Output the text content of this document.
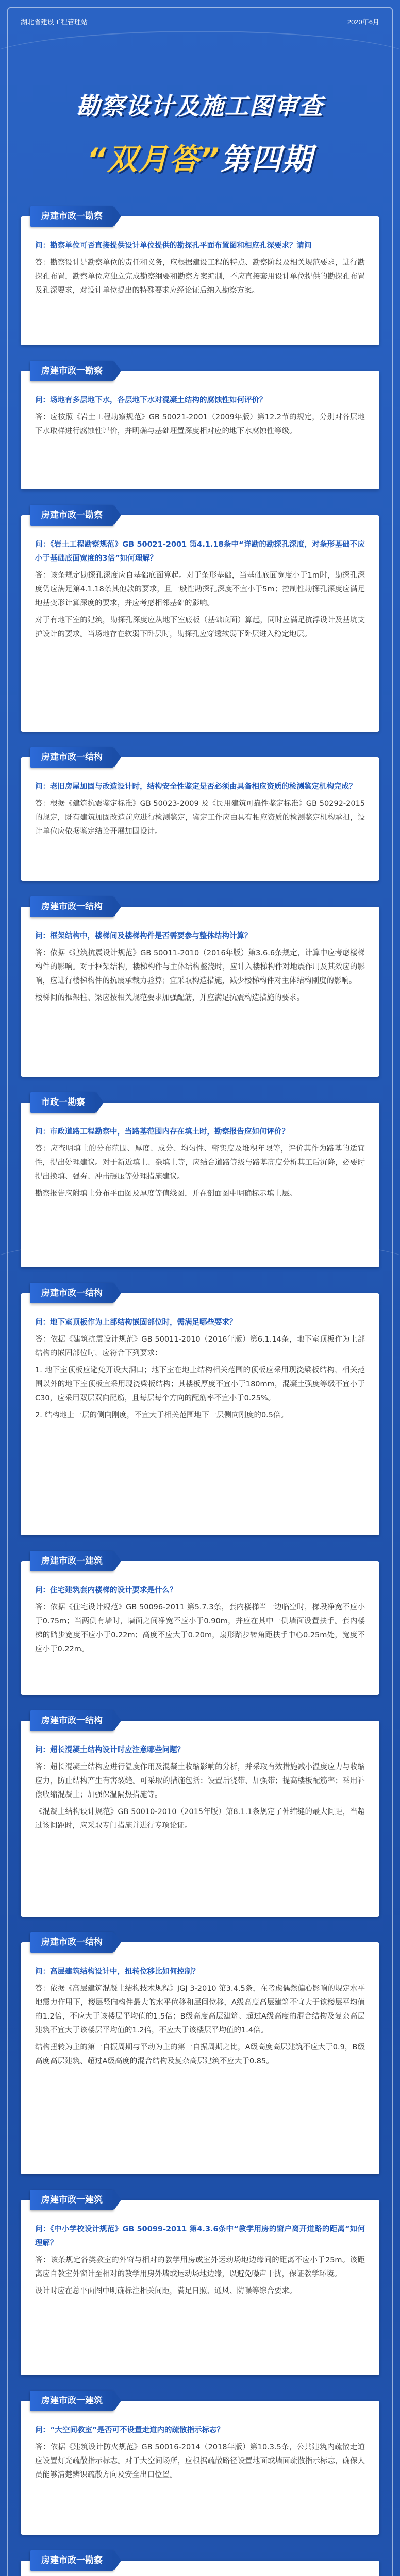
湖北省建设工程管理站	2020年6月
勘察设计及施工图审查
“双月答”第四期
房建市政一勘察

问：勘察单位可否直接提供设计单位提供的勘探孔平面布置图和相应孔深要求？请问

答：勘察设计是勘察单位的责任和义务，应根据建设工程的特点、勘察阶段及相关规范要求，进行勘探孔布置，勘察单位应独立完成勘察纲要和勘察方案编制，不应直接套用设计单位提供的勘探孔布置及孔深要求，对设计单位提出的特殊要求应经论证后纳入勘察方案。

房建市政一勘察

问：场地有多层地下水，各层地下水对混凝土结构的腐蚀性如何评价？

答：应按照《岩土工程勘察规范》GB 50021-2001（2009年版）第12.2节的规定，分别对各层地下水取样进行腐蚀性评价，并明确与基础埋置深度相对应的地下水腐蚀性等级。

房建市政一勘察

问：《岩土工程勘察规范》GB 50021-2001 第4.1.18条中“详勘的勘探孔深度，对条形基础不应小于基础底面宽度的3倍”如何理解？

答：该条规定勘探孔深度应自基础底面算起。对于条形基础，当基础底面宽度小于1m时，勘探孔深度仍应满足第4.1.18条其他款的要求，且一般性勘探孔深度不宜小于5m；控制性勘探孔深度应满足地基变形计算深度的要求，并应考虑相邻基础的影响。

对于有地下室的建筑，勘探孔深度应从地下室底板（基础底面）算起，同时应满足抗浮设计及基坑支护设计的要求。当场地存在软弱下卧层时，勘探孔应穿透软弱下卧层进入稳定地层。

房建市政一结构

问：老旧房屋加固与改造设计时，结构安全性鉴定是否必须由具备相应资质的检测鉴定机构完成？

答：根据《建筑抗震鉴定标准》GB 50023-2009 及《民用建筑可靠性鉴定标准》GB 50292-2015 的规定，既有建筑加固改造前应进行检测鉴定，鉴定工作应由具有相应资质的检测鉴定机构承担，设计单位应依据鉴定结论开展加固设计。

房建市政一结构

问：框架结构中，楼梯间及楼梯构件是否需要参与整体结构计算？

答：依据《建筑抗震设计规范》GB 50011-2010（2016年版）第3.6.6条规定，计算中应考虑楼梯构件的影响。对于框架结构，楼梯构件与主体结构整浇时，应计入楼梯构件对地震作用及其效应的影响，应进行楼梯构件的抗震承载力验算；宜采取构造措施，减少楼梯构件对主体结构刚度的影响。

楼梯间的框架柱、梁应按相关规范要求加强配筋，并应满足抗震构造措施的要求。

市政一勘察

问：市政道路工程勘察中，当路基范围内存在填土时，勘察报告应如何评价？

答：应查明填土的分布范围、厚度、成分、均匀性、密实度及堆积年限等，评价其作为路基的适宜性，提出处理建议。对于新近填土、杂填土等，应结合道路等级与路基高度分析其工后沉降，必要时提出换填、强夯、冲击碾压等处理措施建议。

勘察报告应附填土分布平面图及厚度等值线图，并在剖面图中明确标示填土层。

房建市政一结构

问：地下室顶板作为上部结构嵌固部位时，需满足哪些要求？

答：依据《建筑抗震设计规范》GB 50011-2010（2016年版）第6.1.14条，地下室顶板作为上部结构的嵌固部位时，应符合下列要求：

1. 地下室顶板应避免开设大洞口；地下室在地上结构相关范围的顶板应采用现浇梁板结构，相关范围以外的地下室顶板宜采用现浇梁板结构；其楼板厚度不宜小于180mm，混凝土强度等级不宜小于C30，应采用双层双向配筋，且每层每个方向的配筋率不宜小于0.25%。

2. 结构地上一层的侧向刚度，不宜大于相关范围地下一层侧向刚度的0.5倍。

房建市政一建筑

问：住宅建筑套内楼梯的设计要求是什么？

答：依据《住宅设计规范》GB 50096-2011 第5.7.3条，套内楼梯当一边临空时，梯段净宽不应小于0.75m；当两侧有墙时，墙面之间净宽不应小于0.90m，并应在其中一侧墙面设置扶手。套内楼梯的踏步宽度不应小于0.22m；高度不应大于0.20m，扇形踏步转角距扶手中心0.25m处，宽度不应小于0.22m。

房建市政一结构

问：超长混凝土结构设计时应注意哪些问题？

答：超长混凝土结构应进行温度作用及混凝土收缩影响的分析，并采取有效措施减小温度应力与收缩应力，防止结构产生有害裂缝。可采取的措施包括：设置后浇带、加强带；提高楼板配筋率；采用补偿收缩混凝土；加强保温隔热措施等。

《混凝土结构设计规范》GB 50010-2010（2015年版）第8.1.1条规定了伸缩缝的最大间距，当超过该间距时，应采取专门措施并进行专项论证。

房建市政一结构

问：高层建筑结构设计中，扭转位移比如何控制？

答：依据《高层建筑混凝土结构技术规程》JGJ 3-2010 第3.4.5条，在考虑偶然偏心影响的规定水平地震力作用下，楼层竖向构件最大的水平位移和层间位移，A级高度高层建筑不宜大于该楼层平均值的1.2倍，不应大于该楼层平均值的1.5倍；B级高度高层建筑、超过A级高度的混合结构及复杂高层建筑不宜大于该楼层平均值的1.2倍，不应大于该楼层平均值的1.4倍。

结构扭转为主的第一自振周期与平动为主的第一自振周期之比，A级高度高层建筑不应大于0.9，B级高度高层建筑、超过A级高度的混合结构及复杂高层建筑不应大于0.85。

房建市政一建筑

问：《中小学校设计规范》GB 50099-2011 第4.3.6条中“教学用房的窗户离开道路的距离”如何理解？

答：该条规定各类教室的外窗与相对的教学用房或室外运动场地边缘间的距离不应小于25m。该距离应自教室外窗计至相对的教学用房外墙或运动场地边缘，以避免噪声干扰，保证教学环境。

设计时应在总平面图中明确标注相关间距，满足日照、通风、防噪等综合要求。

房建市政一建筑

问：“大空间教室”是否可不设置走道内的疏散指示标志？

答：依据《建筑设计防火规范》GB 50016-2014（2018年版）第10.3.5条，公共建筑内疏散走道应设置灯光疏散指示标志。对于大空间场所，应根据疏散路径设置地面或墙面疏散指示标志，确保人员能够清楚辨识疏散方向及安全出口位置。

房建市政一勘察
